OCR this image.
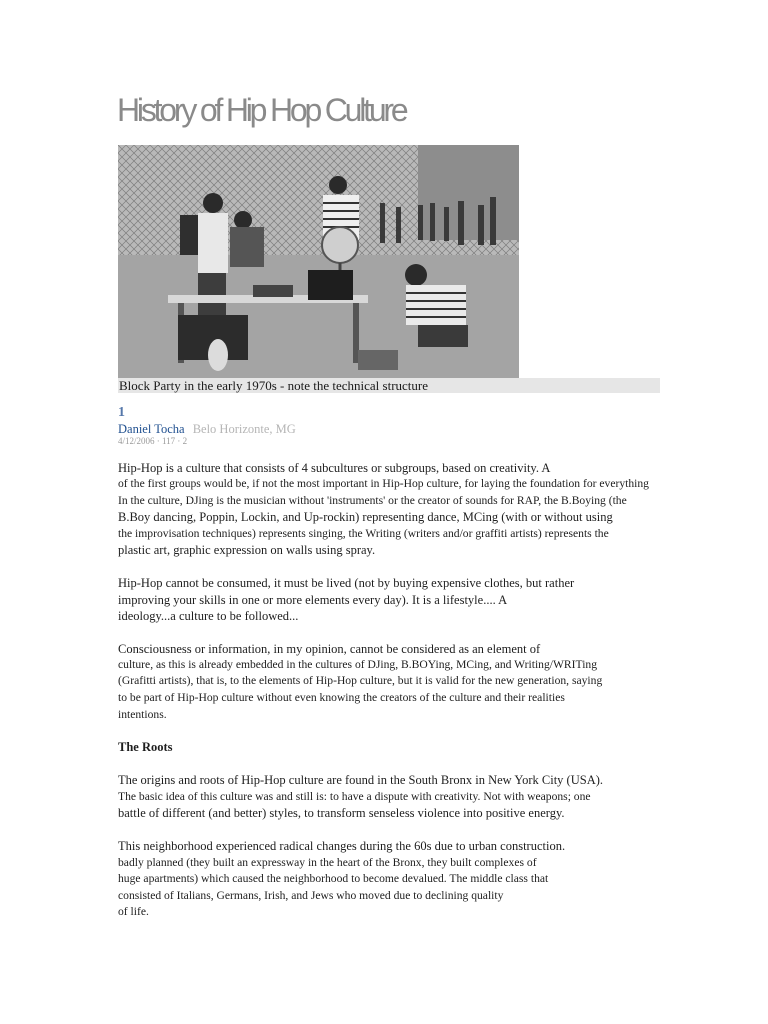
History of Hip Hop Culture
Block Party in the early 1970s - note the technical structure
1
Daniel Tocha Belo Horizonte, MG
4/12/2006 · 117 · 2
Hip-Hop is a culture that consists of 4 subcultures or subgroups, based on creativity. A
of the first groups would be, if not the most important in Hip-Hop culture, for laying the foundation for everything
In the culture, DJing is the musician without 'instruments' or the creator of sounds for RAP, the B.Boying (the
B.Boy dancing, Poppin, Lockin, and Up-rockin) representing dance, MCing (with or without using
the improvisation techniques) represents singing, the Writing (writers and/or graffiti artists) represents the
plastic art, graphic expression on walls using spray.
Hip-Hop cannot be consumed, it must be lived (not by buying expensive clothes, but rather
improving your skills in one or more elements every day). It is a lifestyle.... A
ideology...a culture to be followed...
Consciousness or information, in my opinion, cannot be considered as an element of
culture, as this is already embedded in the cultures of DJing, B.BOYing, MCing, and Writing/WRITing
(Grafitti artists), that is, to the elements of Hip-Hop culture, but it is valid for the new generation, saying
to be part of Hip-Hop culture without even knowing the creators of the culture and their realities
intentions.
The Roots
The origins and roots of Hip-Hop culture are found in the South Bronx in New York City (USA).
The basic idea of this culture was and still is: to have a dispute with creativity. Not with weapons; one
battle of different (and better) styles, to transform senseless violence into positive energy.
This neighborhood experienced radical changes during the 60s due to urban construction.
badly planned (they built an expressway in the heart of the Bronx, they built complexes of
huge apartments) which caused the neighborhood to become devalued. The middle class that
consisted of Italians, Germans, Irish, and Jews who moved due to declining quality
of life.
